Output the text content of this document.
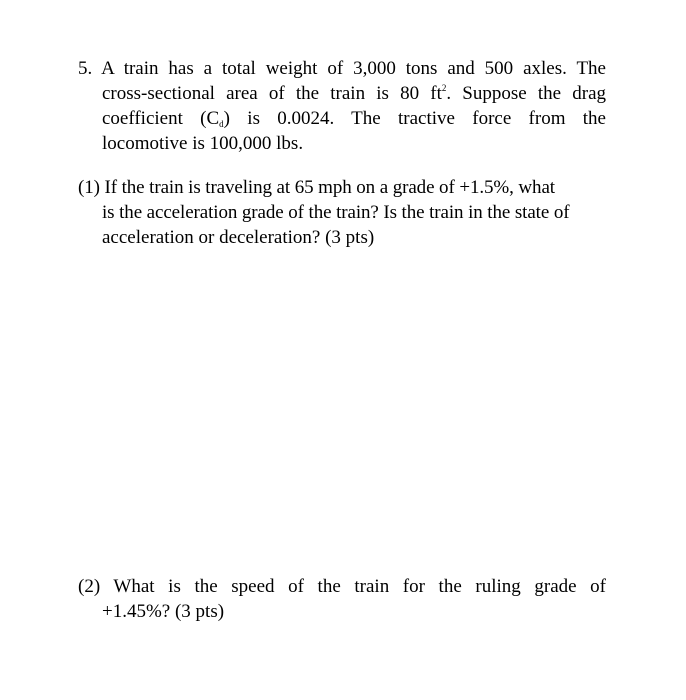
5. A train has a total weight of 3,000 tons and 500 axles. The
cross-sectional area of the train is 80 $ft^2$. Suppose the drag
coefficient $(C_d)$ is 0.0024. The tractive force from the
locomotive is 100,000 lbs.
(1) If the train is traveling at 65 mph on a grade of +1.5%, what
is the acceleration grade of the train? Is the train in the state of
acceleration or deceleration? (3 pts)
(2) What is the speed of the train for the ruling grade of
+1.45%? (3 pts)
